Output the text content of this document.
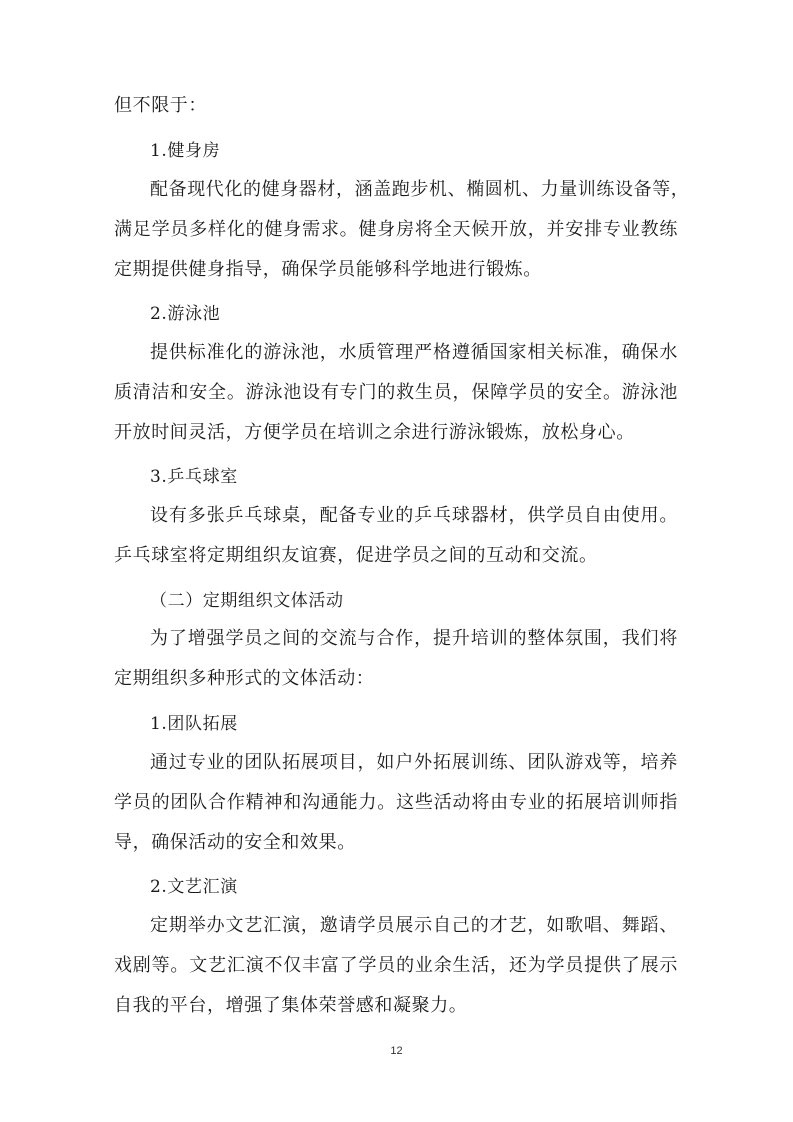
但不限于：
1.健身房
配备现代化的健身器材，涵盖跑步机、椭圆机、力量训练设备等，
满足学员多样化的健身需求。健身房将全天候开放，并安排专业教练
定期提供健身指导，确保学员能够科学地进行锻炼。
2.游泳池
提供标准化的游泳池，水质管理严格遵循国家相关标准，确保水
质清洁和安全。游泳池设有专门的救生员，保障学员的安全。游泳池
开放时间灵活，方便学员在培训之余进行游泳锻炼，放松身心。
3.乒乓球室
设有多张乒乓球桌，配备专业的乒乓球器材，供学员自由使用。
乒乓球室将定期组织友谊赛，促进学员之间的互动和交流。
（二）定期组织文体活动
为了增强学员之间的交流与合作，提升培训的整体氛围，我们将
定期组织多种形式的文体活动：
1.团队拓展
通过专业的团队拓展项目，如户外拓展训练、团队游戏等，培养
学员的团队合作精神和沟通能力。这些活动将由专业的拓展培训师指
导，确保活动的安全和效果。
2.文艺汇演
定期举办文艺汇演，邀请学员展示自己的才艺，如歌唱、舞蹈、
戏剧等。文艺汇演不仅丰富了学员的业余生活，还为学员提供了展示
自我的平台，增强了集体荣誉感和凝聚力。
12
